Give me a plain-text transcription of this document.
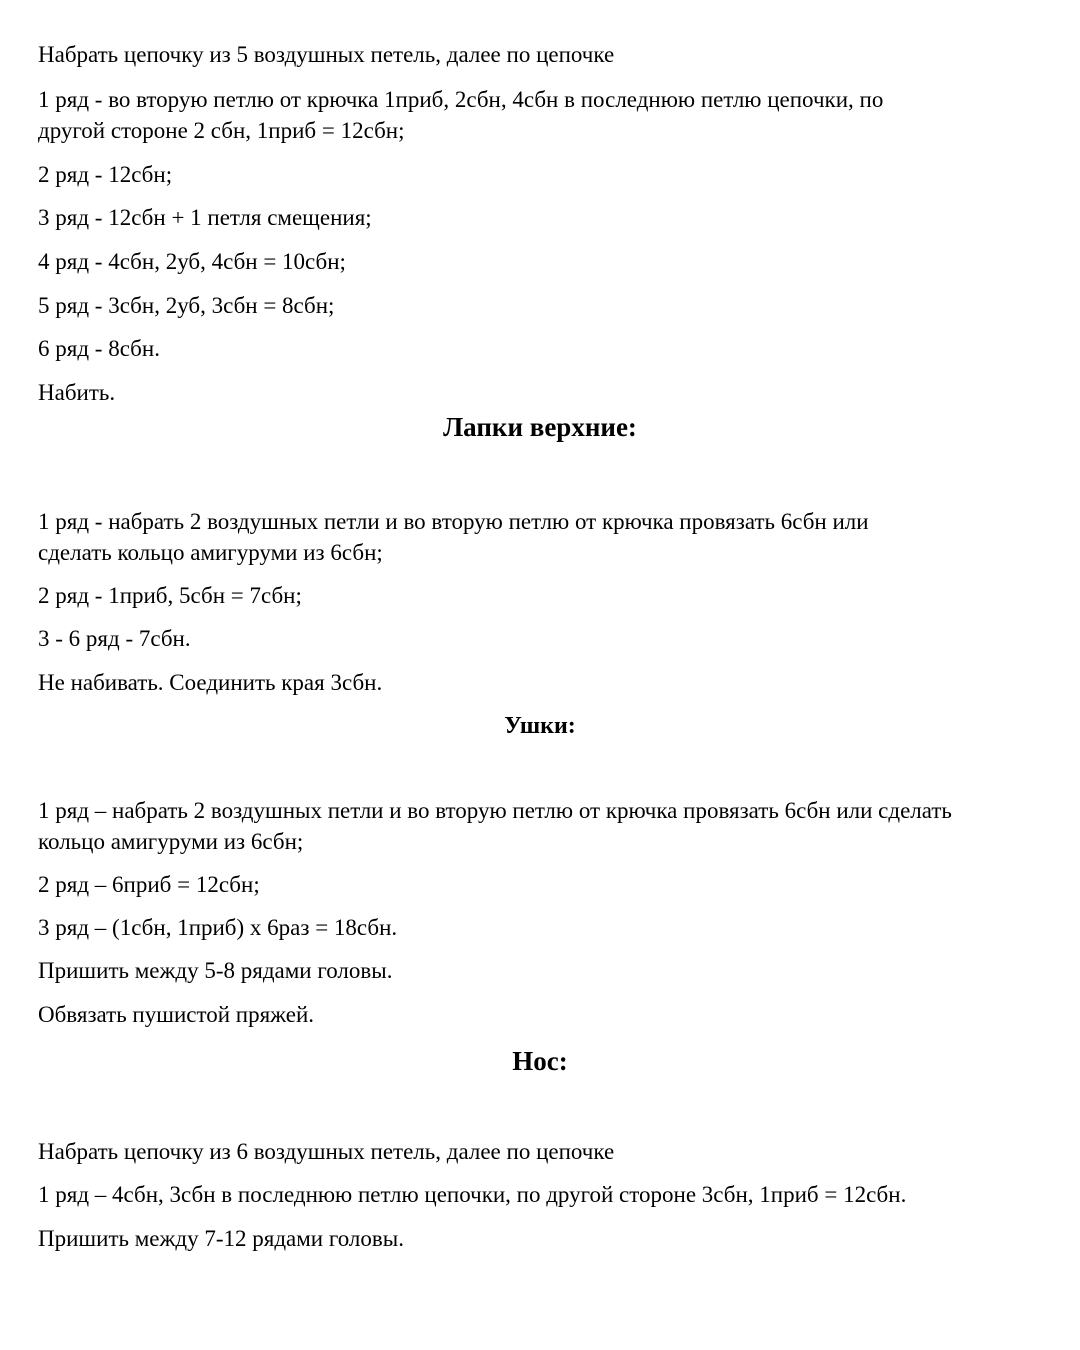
Набрать цепочку из 5 воздушных петель, далее по цепочке

1 ряд - во вторую петлю от крючка 1приб, 2сбн, 4сбн в последнюю петлю цепочки, по

другой стороне 2 сбн, 1приб = 12сбн;

2 ряд - 12сбн;

3 ряд - 12сбн + 1 петля смещения;

4 ряд - 4сбн, 2уб, 4сбн = 10сбн;

5 ряд - 3сбн, 2уб, 3сбн = 8сбн;

6 ряд - 8сбн.

Набить.

Лапки верхние:

1 ряд - набрать 2 воздушных петли и во вторую петлю от крючка провязать 6сбн или

сделать кольцо амигуруми из 6сбн;

2 ряд - 1приб, 5сбн = 7сбн;

3 - 6 ряд - 7сбн.

Не набивать. Соединить края 3сбн.

Ушки:

1 ряд – набрать 2 воздушных петли и во вторую петлю от крючка провязать 6сбн или сделать

кольцо амигуруми из 6сбн;

2 ряд – 6приб = 12сбн;

3 ряд – (1сбн, 1приб) х 6раз = 18сбн.

Пришить между 5-8 рядами головы.

Обвязать пушистой пряжей.

Нос:

Набрать цепочку из 6 воздушных петель, далее по цепочке

1 ряд – 4сбн, 3сбн в последнюю петлю цепочки, по другой стороне 3сбн, 1приб = 12сбн.

Пришить между 7-12 рядами головы.
